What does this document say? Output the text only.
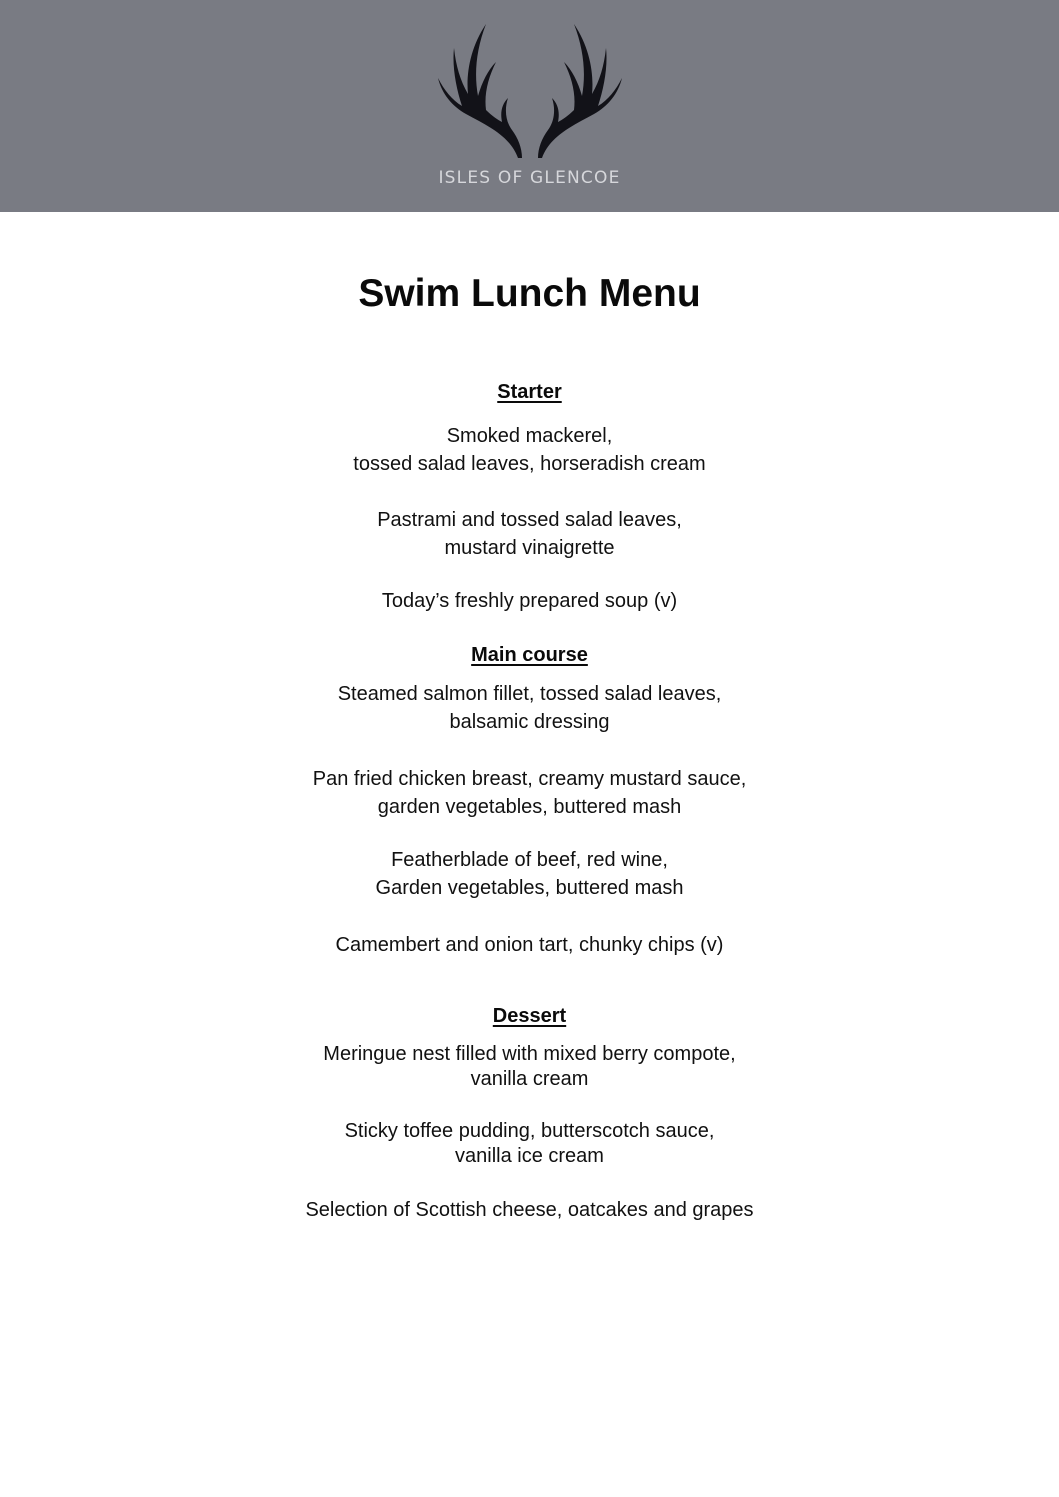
ISLES OF GLENCOE
Swim Lunch Menu
Starter
Smoked mackerel,
tossed salad leaves, horseradish cream
Pastrami and tossed salad leaves,
mustard vinaigrette
Today’s freshly prepared soup (v)
Main course
Steamed salmon fillet, tossed salad leaves,
balsamic dressing
Pan fried chicken breast, creamy mustard sauce,
garden vegetables, buttered mash
Featherblade of beef, red wine,
Garden vegetables, buttered mash
Camembert and onion tart, chunky chips (v)
Dessert
Meringue nest filled with mixed berry compote,
vanilla cream
Sticky toffee pudding, butterscotch sauce,
vanilla ice cream
Selection of Scottish cheese, oatcakes and grapes
